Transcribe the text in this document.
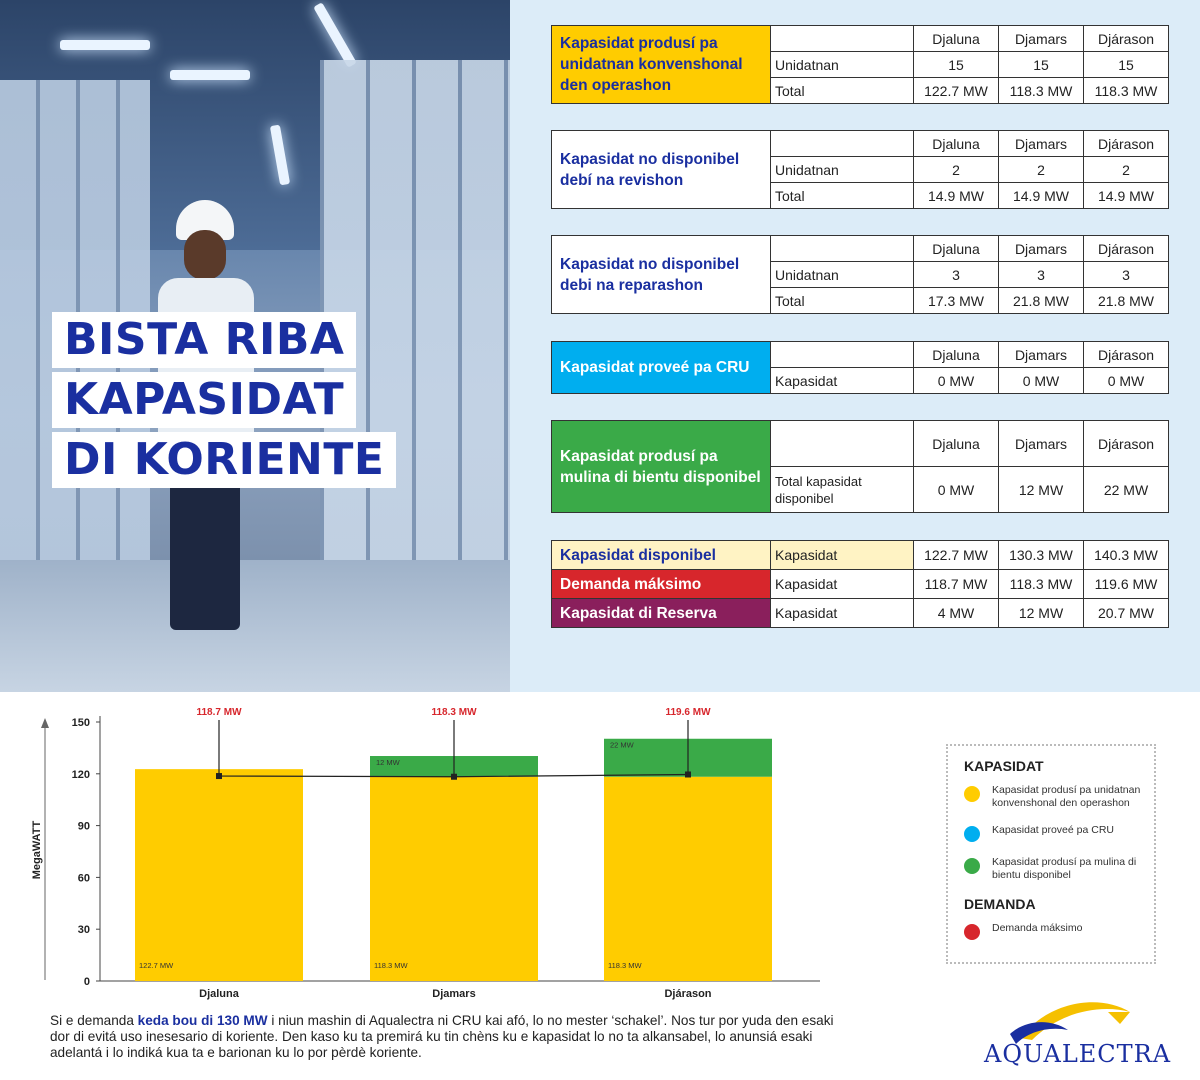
BISTA RIBA
KAPASIDAT
DI KORIENTE
Kapasidat produsí pa unidatnan konvenshonal den operashon		Djaluna	Djamars	Djárason
	Unidatnan	15	15	15
	Total	122.7 MW	118.3 MW	118.3 MW
Kapasidat no disponibel debí na revishon		Djaluna	Djamars	Djárason
	Unidatnan	2	2	2
	Total	14.9 MW	14.9 MW	14.9 MW
Kapasidat no disponibel debi na reparashon		Djaluna	Djamars	Djárason
	Unidatnan	3	3	3
	Total	17.3 MW	21.8 MW	21.8 MW
Kapasidat proveé pa CRU		Djaluna	Djamars	Djárason
	Kapasidat	0 MW	0 MW	0 MW
Kapasidat produsí pa mulina di bientu disponibel		Djaluna	Djamars	Djárason
	Total kapasidat disponibel	0 MW	12 MW	22 MW
Kapasidat disponibel	Kapasidat	122.7 MW	130.3 MW	140.3 MW
Demanda máksimo	Kapasidat	118.7 MW	118.3 MW	119.6 MW
Kapasidat di Reserva	Kapasidat	4 MW	12 MW	20.7 MW
MegaWATT
0
30
60
90
120
150
122.7 MW
Djaluna
118.7 MW
118.3 MW
12 MW
Djamars
118.3 MW
118.3 MW
22 MW
Djárason
119.6 MW
KAPASIDAT
Kapasidat produsí pa unidatnan konvenshonal den operashon
Kapasidat proveé pa CRU
Kapasidat produsí pa mulina di bientu disponibel
DEMANDA
Demanda máksimo

Si e demanda keda bou di 130 MW i niun mashin di Aqualectra ni CRU kai afó, lo no mester ‘schakel’. Nos tur por yuda den esaki dor di evitá uso inesesario di koriente. Den kaso ku ta premirá ku tin chèns ku e kapasidat lo no ta alkansabel, lo anunsiá esaki adelantá i lo indiká kua ta e barionan ku lo por pèrdè koriente.	AQUALECTRA
